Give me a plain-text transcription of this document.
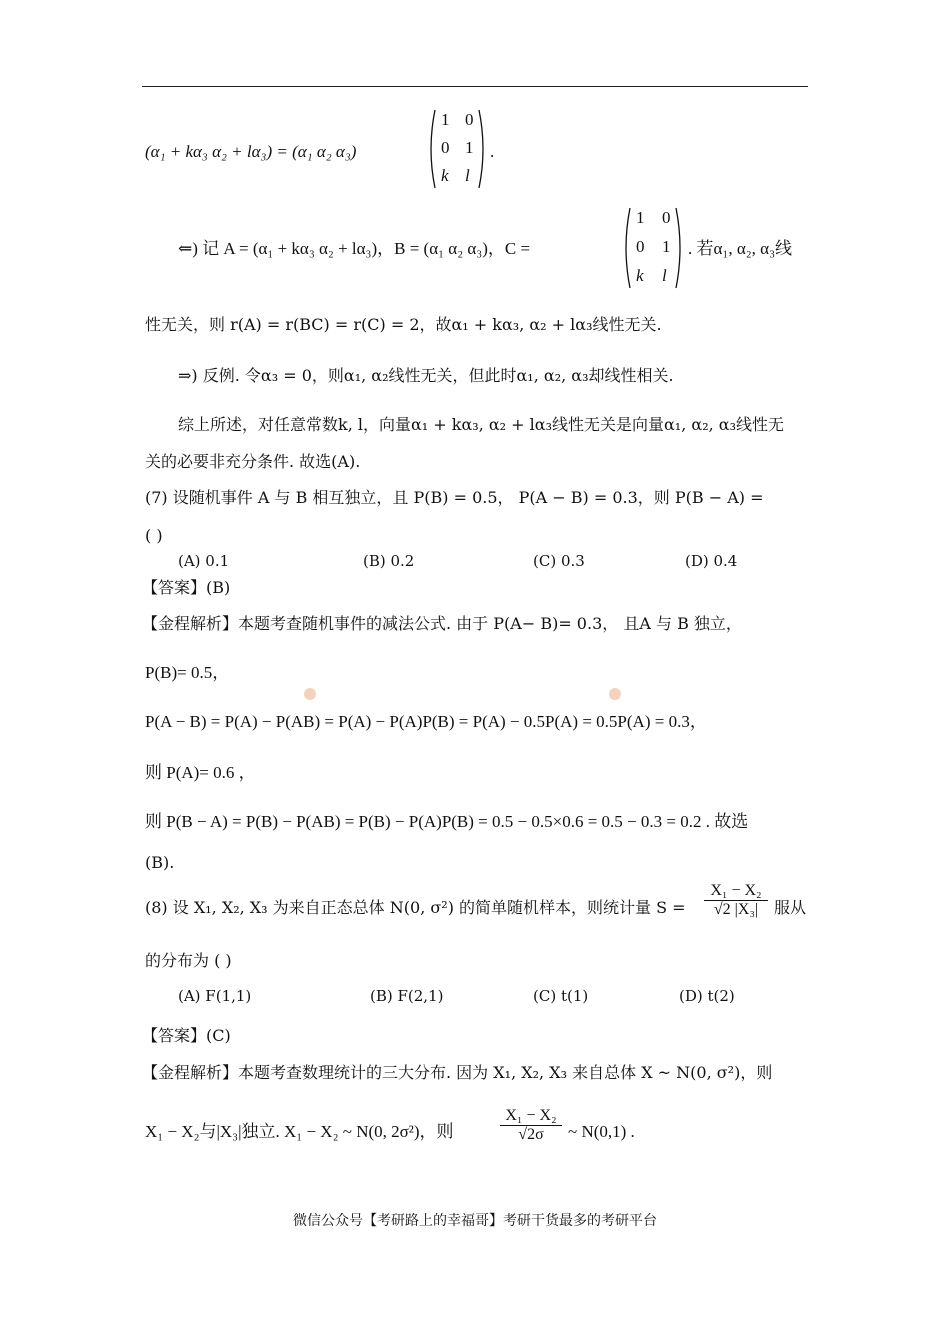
(α₁ + kα₃ α₂ + lα₃) = (α₁ α₂ α₃)
1 0
0 1
k l
.
⇐) 记 A = (α₁ + kα₃ α₂ + lα₃)，B = (α₁ α₂ α₃)，C =
1 0
0 1
k l
. 若α₁, α₂, α₃线
性无关，则 r(A) = r(BC) = r(C) = 2，故α₁ + kα₃, α₂ + lα₃线性无关.
⇒) 反例. 令α₃ = 0，则α₁, α₂线性无关，但此时α₁, α₂, α₃却线性相关.
综上所述，对任意常数k, l，向量α₁ + kα₃, α₂ + lα₃线性无关是向量α₁, α₂, α₃线性无
关的必要非充分条件. 故选(A).
(7) 设随机事件 A 与 B 相互独立，且 P(B) = 0.5， P(A − B) = 0.3，则 P(B − A) =
( )
(A) 0.1	(B) 0.2	(C) 0.3	(D) 0.4
【答案】(B)
【金程解析】本题考查随机事件的减法公式. 由于 P(A− B)= 0.3， 且A 与 B 独立，
P(B)= 0.5，
P(A − B) = P(A) − P(AB) = P(A) − P(A)P(B) = P(A) − 0.5P(A) = 0.5P(A) = 0.3，
则 P(A)= 0.6 ，
则 P(B − A) = P(B) − P(AB) = P(B) − P(A)P(B) = 0.5 − 0.5×0.6 = 0.5 − 0.3 = 0.2 . 故选
(B).
(8) 设 X₁, X₂, X₃ 为来自正态总体 N(0, σ²) 的简单随机样本，则统计量 $S = \frac{\text{X₁ − X₂}}{\text{√2 |X₃|}}$ 服从
的分布为 ( )
(A) F(1,1)	(B) F(2,1)	(C) t(1)	(D) t(2)
【答案】(C)
【金程解析】本题考查数理统计的三大分布. 因为 X₁, X₂, X₃ 来自总体 X ~ N(0, σ²)，则
X₁ − X₂与|X₃|独立. X₁ − X₂ ~ N(0, 2σ²)，则	$\frac{\text{X₁ − X₂}}{√2\sigma}$ ~ N(0,1) .
微信公众号【考研路上的幸福哥】考研干货最多的考研平台
